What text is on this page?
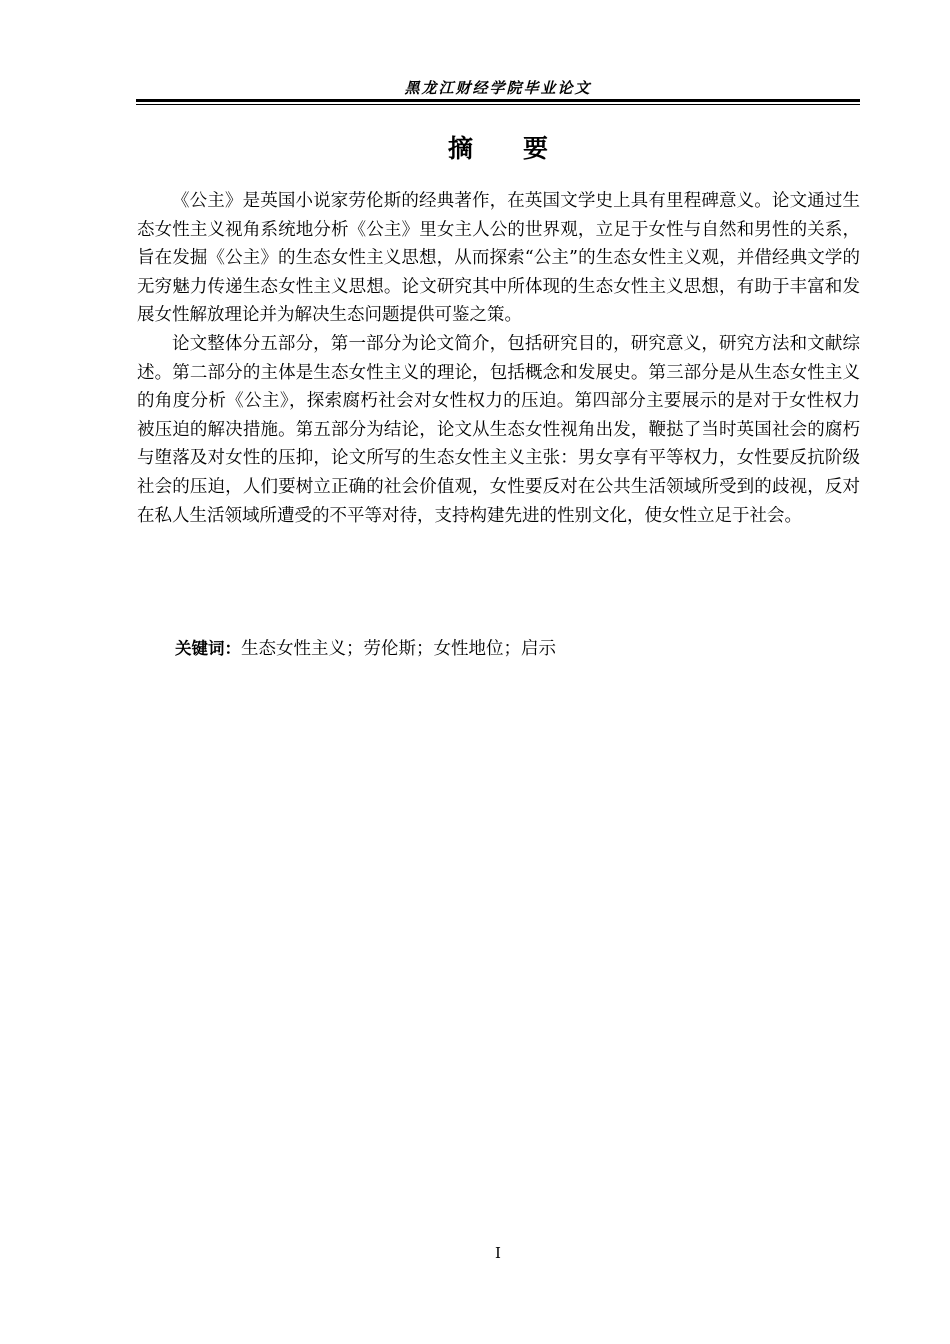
黑龙江财经学院毕业论文
摘 要

《公主》是英国小说家劳伦斯的经典著作，在英国文学史上具有里程碑意义。论文通过生态女性主义视角系统地分析《公主》里女主人公的世界观，立足于女性与自然和男性的关系，旨在发掘《公主》的生态女性主义思想，从而探索“公主”的生态女性主义观，并借经典文学的无穷魅力传递生态女性主义思想。论文研究其中所体现的生态女性主义思想，有助于丰富和发展女性解放理论并为解决生态问题提供可鉴之策。

论文整体分五部分，第一部分为论文简介，包括研究目的，研究意义，研究方法和文献综述。第二部分的主体是生态女性主义的理论，包括概念和发展史。第三部分是从生态女性主义的角度分析《公主》，探索腐朽社会对女性权力的压迫。第四部分主要展示的是对于女性权力被压迫的解决措施。第五部分为结论，论文从生态女性视角出发，鞭挞了当时英国社会的腐朽与堕落及对女性的压抑，论文所写的生态女性主义主张：男女享有平等权力，女性要反抗阶级社会的压迫，人们要树立正确的社会价值观，女性要反对在公共生活领域所受到的歧视，反对在私人生活领域所遭受的不平等对待，支持构建先进的性别文化，使女性立足于社会。

关键词：生态女性主义；劳伦斯；女性地位；启示
I
